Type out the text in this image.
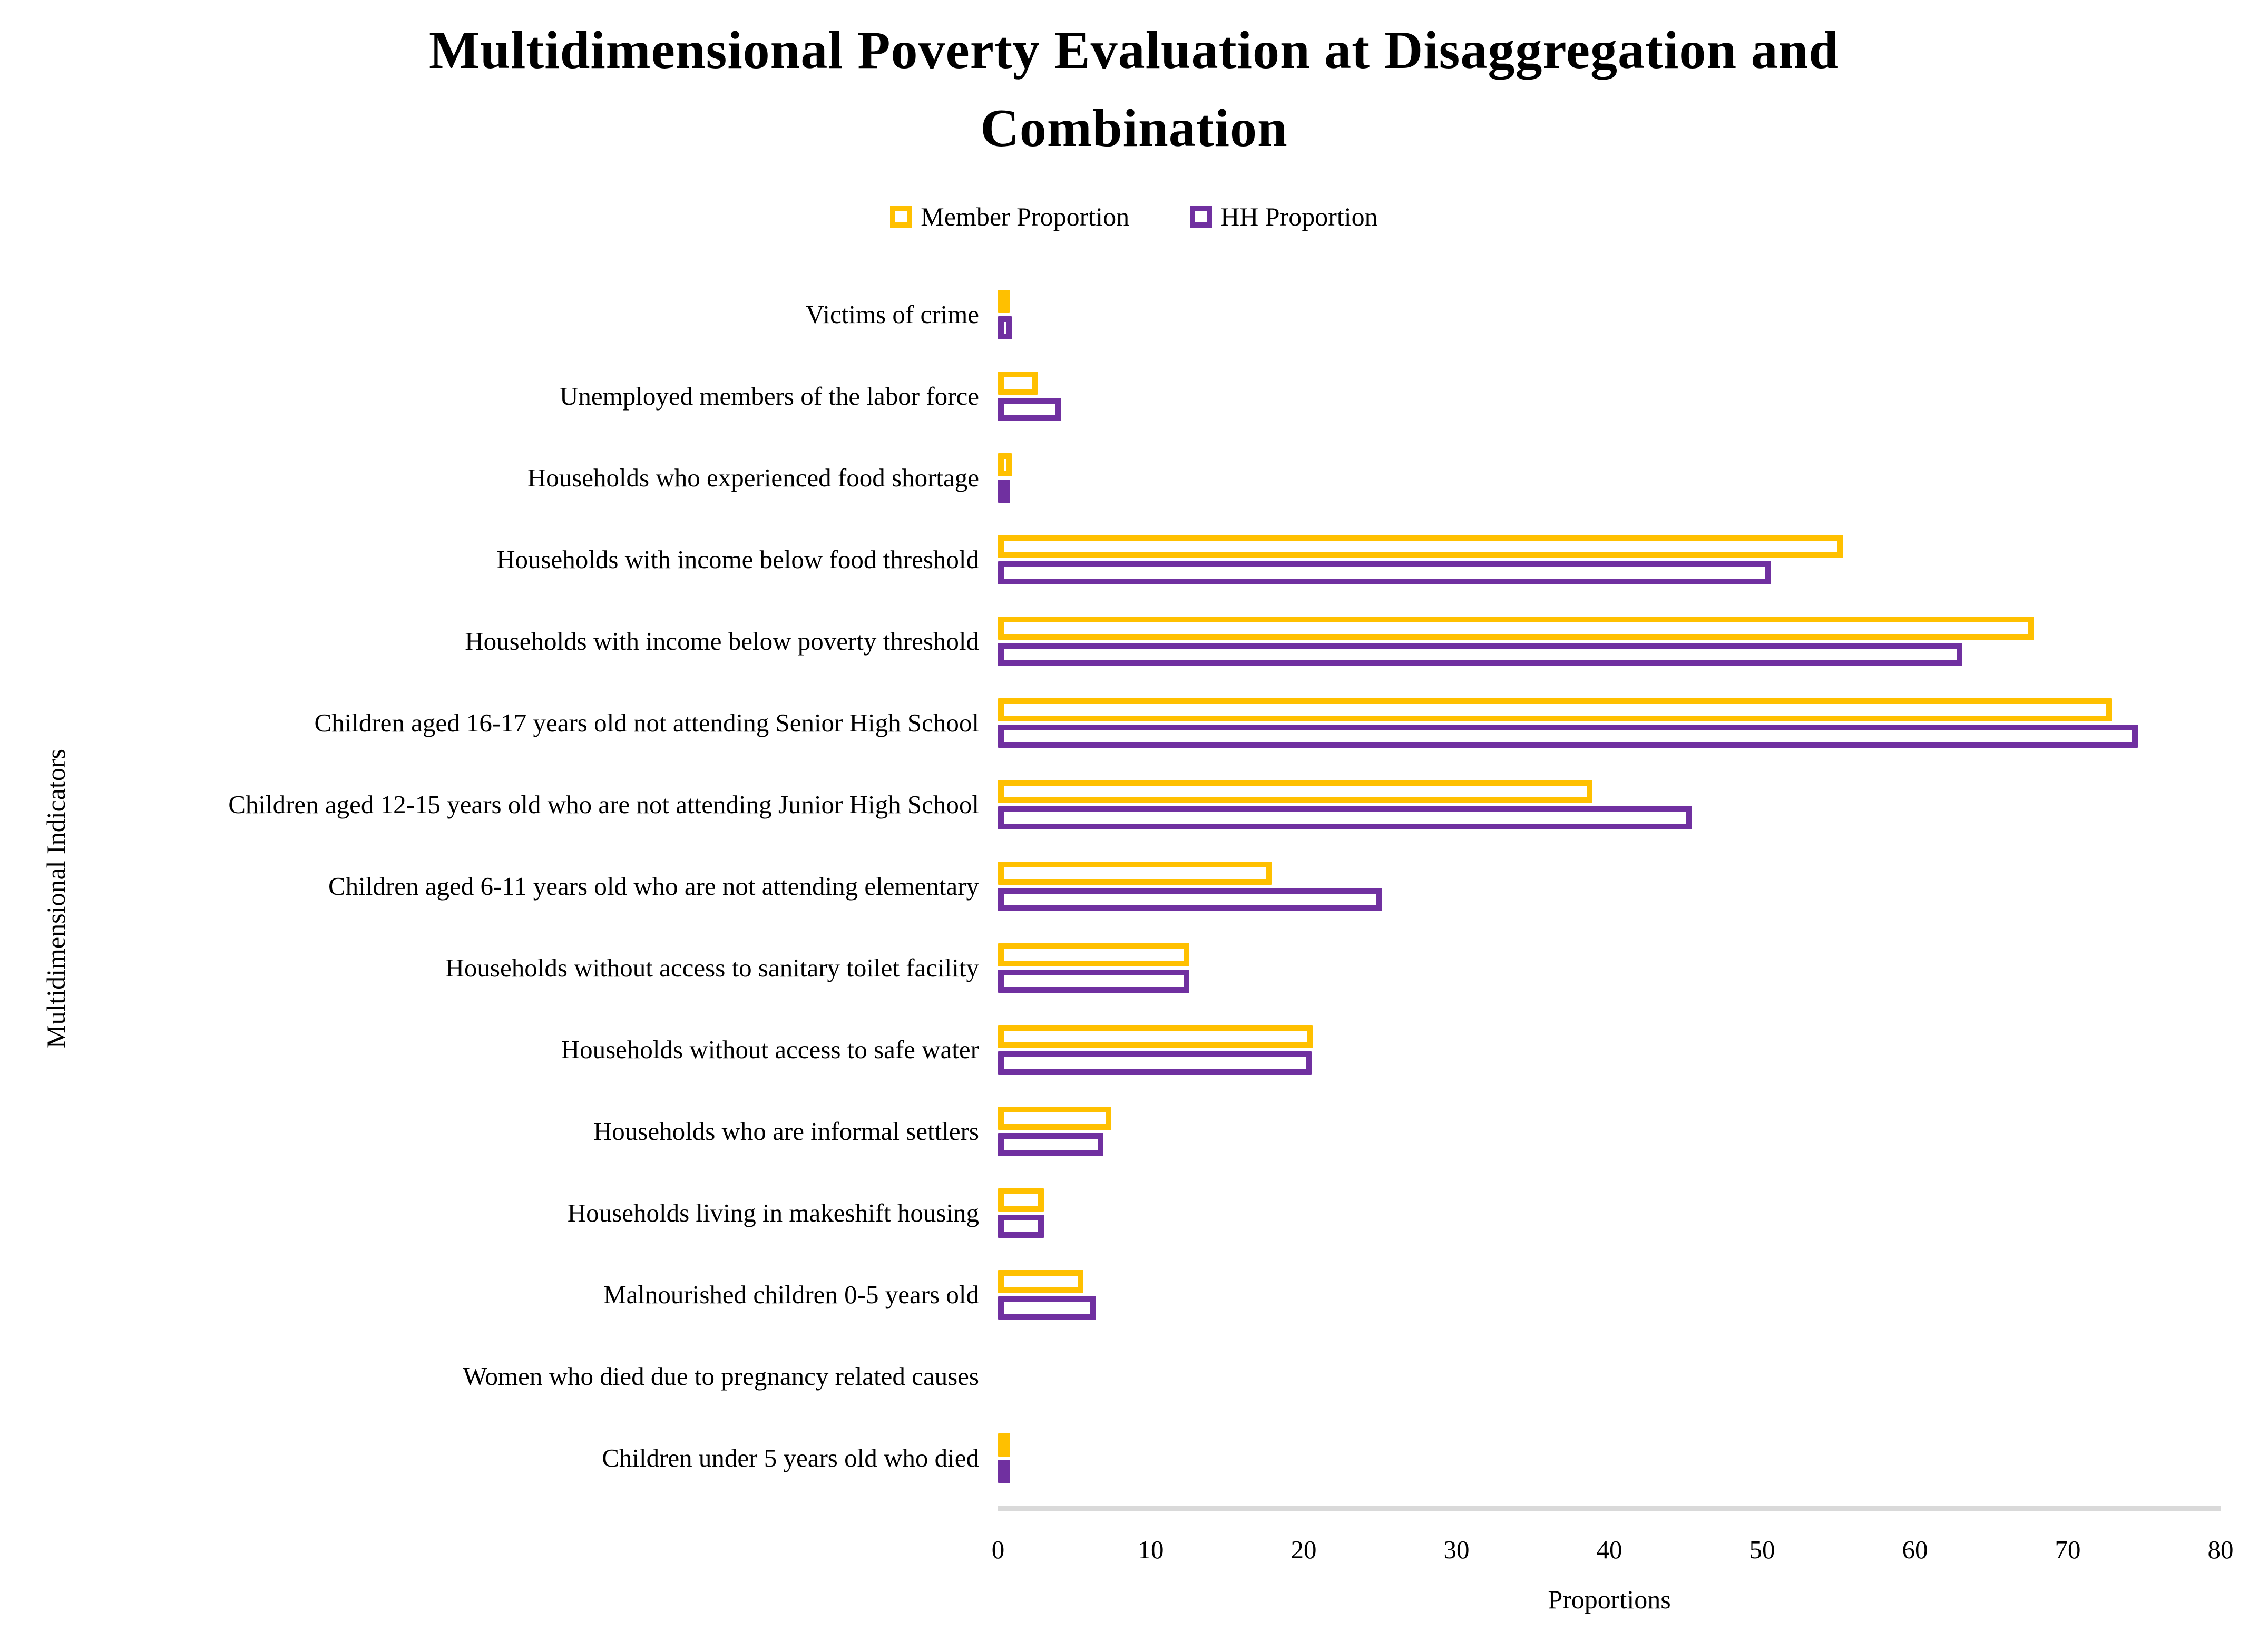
Multidimensional Poverty Evaluation at Disaggregation and Combination
Member Proportion	HH Proportion
Victims of crime
Unemployed members of the labor force
Households who experienced food shortage
Households with income below food threshold
Households with income below poverty threshold
Children aged 16-17 years old not attending Senior High School
Children aged 12-15 years old who are not attending Junior High School
Children aged 6-11 years old who are not attending elementary
Households without access to sanitary toilet facility
Households without access to safe water
Households who are informal settlers
Households living in makeshift housing
Malnourished children 0-5 years old
Women who died due to pregnancy related causes
Children under 5 years old who died
0	10	20	30	40	50	60	70	80
Proportions
Multidimensional Indicators
